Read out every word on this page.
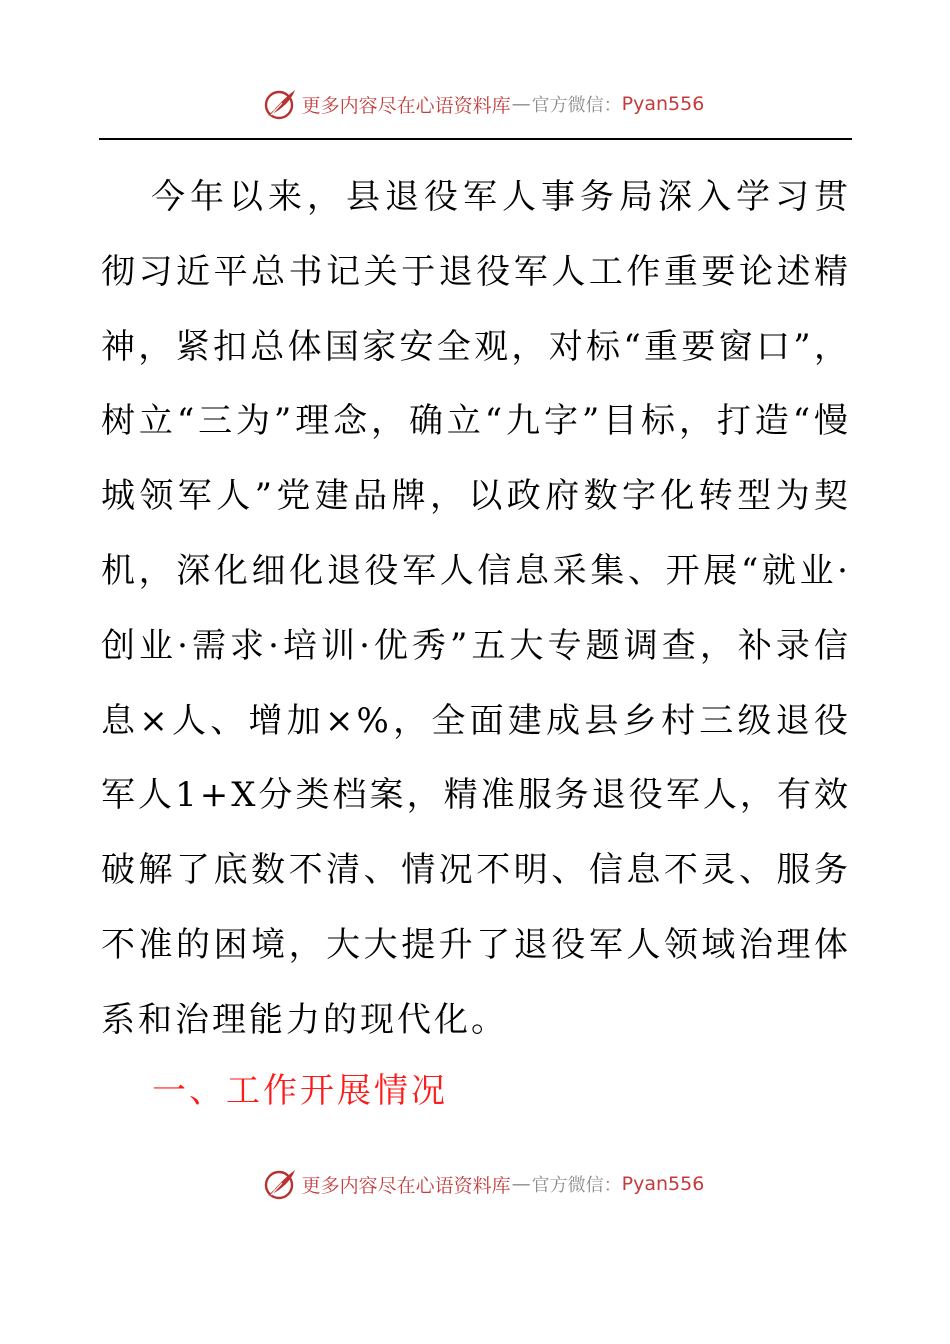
更多内容尽在心语资料库 — 官方微信： Pyan556

今年以来，县退役军人事务局深入学习贯彻习近平总书记关于退役军人工作重要论述精神，紧扣总体国家安全观，对标“重要窗口”，树立“三为”理念，确立“九字”目标，打造“慢城领军人”党建品牌，以政府数字化转型为契机，深化细化退役军人信息采集、开展“就业·创业·需求·培训·优秀”五大专题调查，补录信息×人、增加×%，全面建成县乡村三级退役军人1+X分类档案，精准服务退役军人，有效破解了底数不清、情况不明、信息不灵、服务不准的困境，大大提升了退役军人领域治理体系和治理能力的现代化。

一、工作开展情况
更多内容尽在心语资料库 — 官方微信： Pyan556
